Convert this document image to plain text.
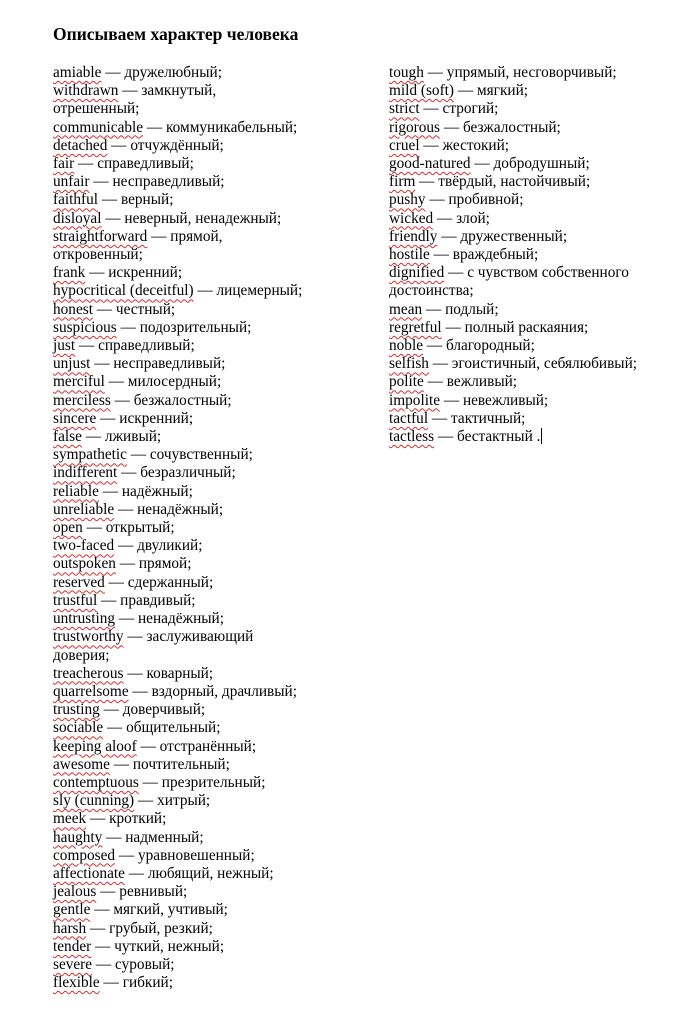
Описываем характер человека
amiable — дружелюбный;
withdrawn — замкнутый,
отрешенный;
communicable — коммуникабельный;
detached — отчуждённый;
fair — справедливый;
unfair — несправедливый;
faithful — верный;
disloyal — неверный, ненадежный;
straightforward — прямой,
откровенный;
frank — искренний;
hypocritical (deceitful) — лицемерный;
honest — честный;
suspicious — подозрительный;
just — справедливый;
unjust — несправедливый;
merciful — милосердный;
merciless — безжалостный;
sincere — искренний;
false — лживый;
sympathetic — сочувственный;
indifferent — безразличный;
reliable — надёжный;
unreliable — ненадёжный;
open — открытый;
two-faced — двуликий;
outspoken — прямой;
reserved — сдержанный;
trustful — правдивый;
untrusting — ненадёжный;
trustworthy — заслуживающий
доверия;
treacherous — коварный;
quarrelsome — вздорный, драчливый;
trusting — доверчивый;
sociable — общительный;
keeping aloof — отстранённый;
awesome — почтительный;
contemptuous — презрительный;
sly (cunning) — хитрый;
meek — кроткий;
haughty — надменный;
composed — уравновешенный;
affectionate — любящий, нежный;
jealous — ревнивый;
gentle — мягкий, учтивый;
harsh — грубый, резкий;
tender — чуткий, нежный;
severe — суровый;
flexible — гибкий;
tough — упрямый, несговорчивый;
mild (soft) — мягкий;
strict — строгий;
rigorous — безжалостный;
cruel — жестокий;
good-natured — добродушный;
firm — твёрдый, настойчивый;
pushy — пробивной;
wicked — злой;
friendly — дружественный;
hostile — враждебный;
dignified — с чувством собственного
достоинства;
mean — подлый;
regretful — полный раскаяния;
noble — благородный;
selfish — эгоистичный, себялюбивый;
polite — вежливый;
impolite — невежливый;
tactful — тактичный;
tactless — бестактный .
